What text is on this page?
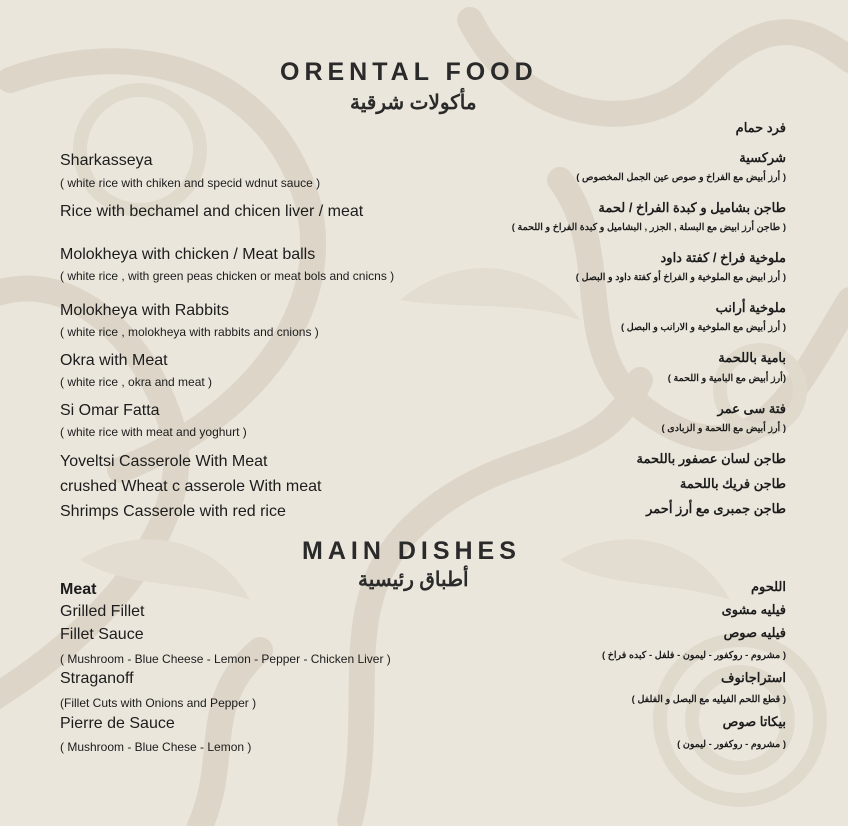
ORENTAL FOOD
مأكولات شرقية
فرد حمام
Sharkasseya
( white rice with chiken and specid wdnut sauce )
Rice with bechamel and chicen liver / meat
Molokheya with chicken / Meat balls
( white rice , with green peas chicken or meat bols and cnicns )
Molokheya with Rabbits
( white rice , molokheya with rabbits and cnions )
Okra with Meat
( white rice , okra and meat )
Si Omar Fatta
( white rice with meat and yoghurt )
Yoveltsi Casserole With Meat
crushed Wheat c asserole With meat
Shrimps Casserole with red rice
شركسية
( أرز أبيض مع الفراخ و صوص عين الجمل المخصوص )
طاجن بشاميل و كبدة الفراخ / لحمة
( طاجن أرز ابيض مع البسلة , الجزر , البشاميل و كبدة الفراخ و اللحمة )
ملوخية فراخ / كفتة داود
( أرز ابيض مع الملوخية و الفراخ أو كفتة داود و البصل )
ملوخية أرانب
( أرز أبيض مع الملوخية و الارانب و البصل )
بامية باللحمة
(أرز أبيض مع البامية و اللحمة )
فتة سى عمر
( أرز أبيض مع اللحمة و الزبادى )
طاجن لسان عصفور باللحمة
طاجن فريك باللحمة
طاجن جمبرى مع أرز أحمر
MAIN DISHES
أطباق رئيسية
Meat
Grilled Fillet
Fillet Sauce
( Mushroom - Blue Cheese - Lemon - Pepper - Chicken Liver )
Straganoff
(Fillet Cuts with Onions and Pepper )
Pierre de Sauce
( Mushroom - Blue Chese - Lemon )
اللحوم
فيليه مشوى
فيليه صوص
( مشروم - روكفور - ليمون - فلفل - كبده فراخ )
استراجانوف
( قطع اللحم الفيليه مع البصل و الفلفل )
بيكاتا صوص
( مشروم - روكفور - ليمون )
